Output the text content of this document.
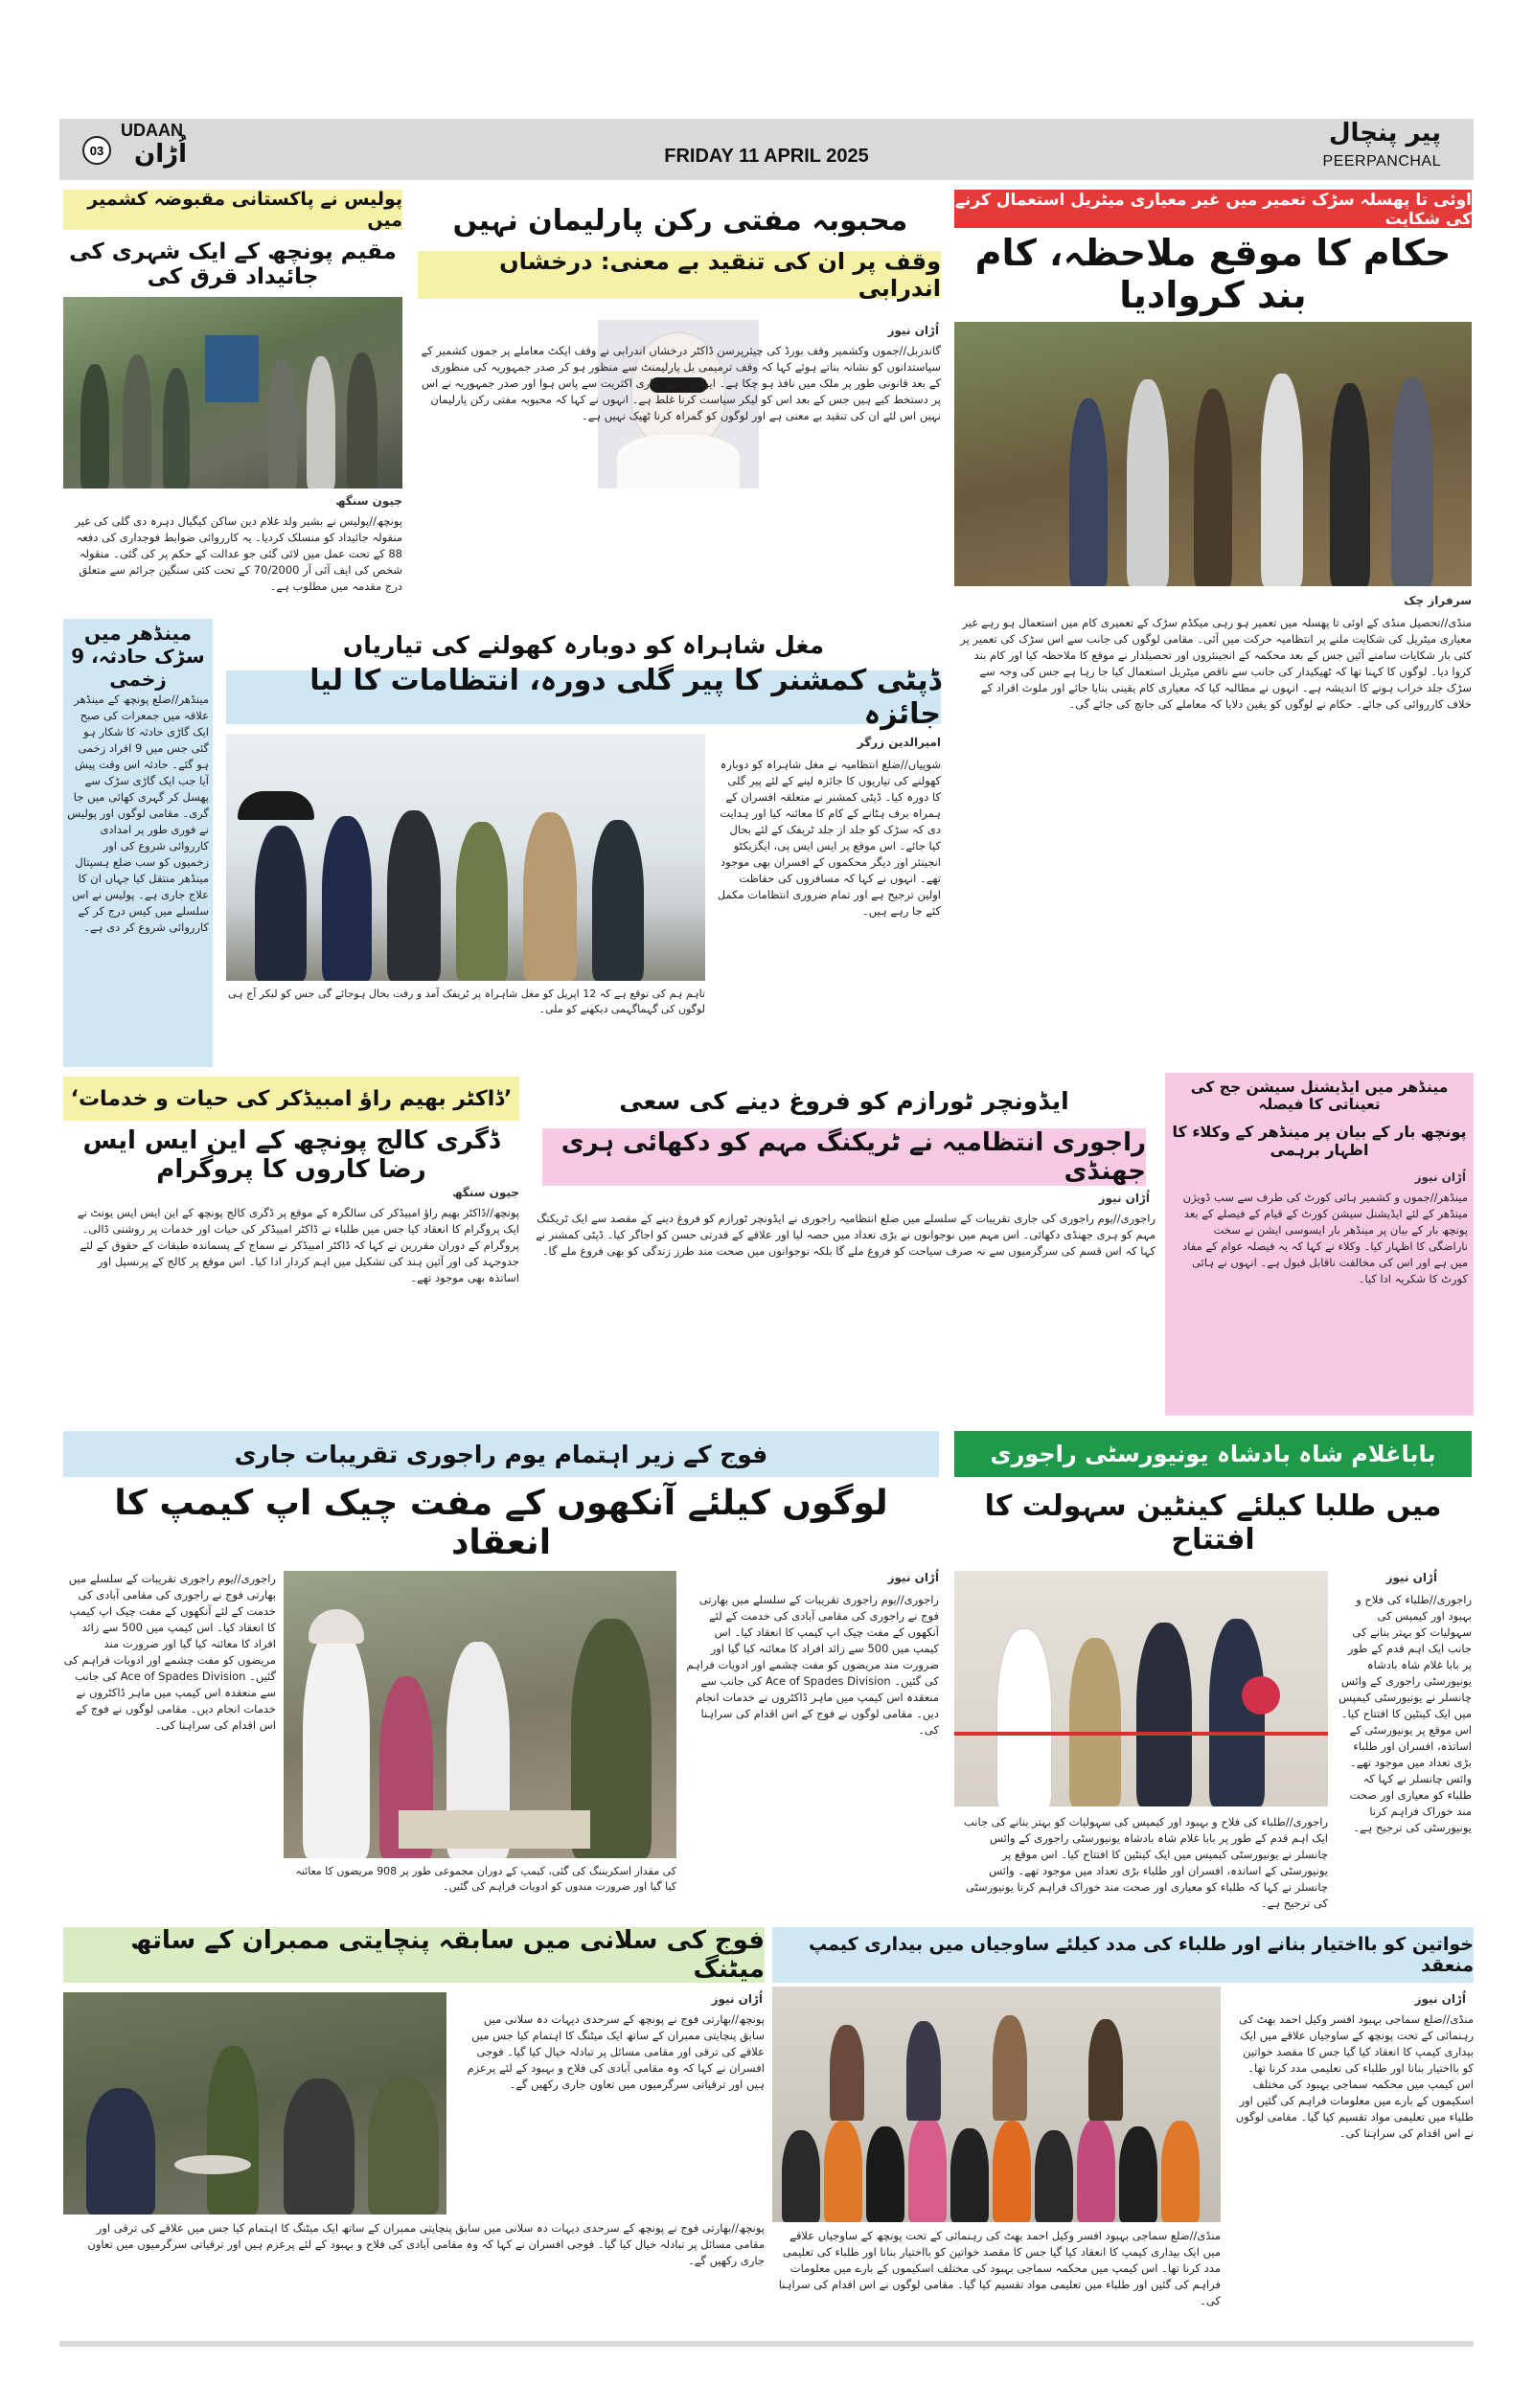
03
UDAAN
اُڑان	FRIDAY 11 APRIL 2025
پیر پنچال
PEERPANCHAL
پولیس نے پاکستانی مقبوضہ کشمیر میں
مقیم پونچھ کے ایک شہری کی جائیداد قرق کی
جیون سنگھ
پونچھ//پولیس نے بشیر ولد غلام دین ساکن کیگیال دہرہ دی گلی کی غیر منقولہ جائیداد کو منسلک کردیا۔ یہ کارروائی ضوابط فوجداری کی دفعہ 88 کے تحت عمل میں لائی گئی جو عدالت کے حکم پر کی گئی۔ منقولہ شخص کی ایف آئی آر 70/2000 کے تحت کئی سنگین جرائم سے متعلق درج مقدمہ میں مطلوب ہے۔
محبوبہ مفتی رکن پارلیمان نہیں
وقف پر ان کی تنقید بے معنی: درخشاں اندرابی
اُڑان نیوز
گاندربل//جموں وکشمیر وقف بورڈ کی چیئرپرسن ڈاکٹر درخشاں اندرابی نے وقف ایکٹ معاملے پر جموں کشمیر کے سیاستدانوں کو نشانہ بناتے ہوئے کہا کہ وقف ترمیمی بل پارلیمنٹ سے منظور ہو کر صدر جمہوریہ کی منظوری کے بعد قانونی طور پر ملک میں نافذ ہو چکا ہے۔ ایوانوں سے بھاری اکثریت سے پاس ہوا اور صدر جمہوریہ نے اس پر دستخط کیے ہیں جس کے بعد اس کو لیکر سیاست کرنا غلط ہے۔ انہوں نے کہا کہ محبوبہ مفتی رکن پارلیمان نہیں اس لئے ان کی تنقید بے معنی ہے اور لوگوں کو گمراہ کرنا ٹھیک نہیں ہے۔
اوئی تا پھسلہ سڑک تعمیر میں غیر معیاری میٹریل استعمال کرنے کی شکایت
حکام کا موقع ملاحظہ، کام بند کروادیا
سرفراز چک
منڈی//تحصیل منڈی کے اوئی تا پھسلہ میں تعمیر ہو رہی میکڈم سڑک کے تعمیری کام میں استعمال ہو رہے غیر معیاری میٹریل کی شکایت ملنے پر انتظامیہ حرکت میں آئی۔ مقامی لوگوں کی جانب سے اس سڑک کی تعمیر پر کئی بار شکایات سامنے آئیں جس کے بعد محکمہ کے انجینئروں اور تحصیلدار نے موقع کا ملاحظہ کیا اور کام بند کروا دیا۔ لوگوں کا کہنا تھا کہ ٹھیکیدار کی جانب سے ناقص میٹریل استعمال کیا جا رہا ہے جس کی وجہ سے سڑک جلد خراب ہونے کا اندیشہ ہے۔ انہوں نے مطالبہ کیا کہ معیاری کام یقینی بنایا جائے اور ملوث افراد کے خلاف کارروائی کی جائے۔ حکام نے لوگوں کو یقین دلایا کہ معاملے کی جانچ کی جائے گی۔
مینڈھر میں سڑک حادثہ، 9 زخمی
مینڈھر//ضلع پونچھ کے مینڈھر علاقہ میں جمعرات کی صبح ایک گاڑی حادثہ کا شکار ہو گئی جس میں 9 افراد زخمی ہو گئے۔ حادثہ اس وقت پیش آیا جب ایک گاڑی سڑک سے پھسل کر گہری کھائی میں جا گری۔ مقامی لوگوں اور پولیس نے فوری طور پر امدادی کارروائی شروع کی اور زخمیوں کو سب ضلع ہسپتال مینڈھر منتقل کیا جہاں ان کا علاج جاری ہے۔ پولیس نے اس سلسلے میں کیس درج کر کے کارروائی شروع کر دی ہے۔
مغل شاہراہ کو دوبارہ کھولنے کی تیاریاں
ڈپٹی کمشنر کا پیر گلی دورہ، انتظامات کا لیا جائزہ
تاہم ہم کی توقع ہے کہ 12 اپریل کو مغل شاہراہ پر ٹریفک آمد و رفت بحال ہوجائے گی جس کو لیکر آج ہی لوگوں کی گہماگہمی دیکھنے کو ملی۔
امیرالدین زرگر
شوپیاں//ضلع انتظامیہ نے مغل شاہراہ کو دوبارہ کھولنے کی تیاریوں کا جائزہ لینے کے لئے پیر گلی کا دورہ کیا۔ ڈپٹی کمشنر نے متعلقہ افسران کے ہمراہ برف ہٹانے کے کام کا معائنہ کیا اور ہدایت دی کہ سڑک کو جلد از جلد ٹریفک کے لئے بحال کیا جائے۔ اس موقع پر ایس ایس پی، ایگزیکٹو انجینئر اور دیگر محکموں کے افسران بھی موجود تھے۔ انہوں نے کہا کہ مسافروں کی حفاظت اولین ترجیح ہے اور تمام ضروری انتظامات مکمل کئے جا رہے ہیں۔
’ڈاکٹر بھیم راؤ امبیڈکر کی حیات و خدمات‘
ڈگری کالج پونچھ کے این ایس ایس رضا کاروں کا پروگرام
جیون سنگھ
پونچھ//ڈاکٹر بھیم راؤ امبیڈکر کی سالگرہ کے موقع پر ڈگری کالج پونچھ کے این ایس ایس یونٹ نے ایک پروگرام کا انعقاد کیا جس میں طلباء نے ڈاکٹر امبیڈکر کی حیات اور خدمات پر روشنی ڈالی۔ پروگرام کے دوران مقررین نے کہا کہ ڈاکٹر امبیڈکر نے سماج کے پسماندہ طبقات کے حقوق کے لئے جدوجہد کی اور آئین ہند کی تشکیل میں اہم کردار ادا کیا۔ اس موقع پر کالج کے پرنسپل اور اساتذہ بھی موجود تھے۔
ایڈونچر ٹورازم کو فروغ دینے کی سعی
راجوری انتظامیہ نے ٹریکنگ مہم کو دکھائی ہری جھنڈی
اُڑان نیوز
راجوری//یوم راجوری کی جاری تقریبات کے سلسلے میں ضلع انتظامیہ راجوری نے ایڈونچر ٹورازم کو فروغ دینے کے مقصد سے ایک ٹریکنگ مہم کو ہری جھنڈی دکھائی۔ اس مہم میں نوجوانوں نے بڑی تعداد میں حصہ لیا اور علاقے کے قدرتی حسن کو اجاگر کیا۔ ڈپٹی کمشنر نے کہا کہ اس قسم کی سرگرمیوں سے نہ صرف سیاحت کو فروغ ملے گا بلکہ نوجوانوں میں صحت مند طرز زندگی کو بھی فروغ ملے گا۔
مینڈھر میں ایڈیشنل سیشن جج کی تعیناتی کا فیصلہ
پونچھ بار کے بیان پر مینڈھر کے وکلاء کا اظہار برہمی
اُڑان نیوز
مینڈھر//جموں و کشمیر ہائی کورٹ کی طرف سے سب ڈویژن مینڈھر کے لئے ایڈیشنل سیشن کورٹ کے قیام کے فیصلے کے بعد پونچھ بار کے بیان پر مینڈھر بار ایسوسی ایشن نے سخت ناراضگی کا اظہار کیا۔ وکلاء نے کہا کہ یہ فیصلہ عوام کے مفاد میں ہے اور اس کی مخالفت ناقابل قبول ہے۔ انہوں نے ہائی کورٹ کا شکریہ ادا کیا۔
فوج کے زیر اہتمام یوم راجوری تقریبات جاری
لوگوں کیلئے آنکھوں کے مفت چیک اپ کیمپ کا انعقاد
کی مقدار اسکریننگ کی گئی، کیمپ کے دوران مجموعی طور پر 908 مریضوں کا معائنہ کیا گیا اور ضرورت مندوں کو ادویات فراہم کی گئیں۔
اُڑان نیوز
راجوری//یوم راجوری تقریبات کے سلسلے میں بھارتی فوج نے راجوری کی مقامی آبادی کی خدمت کے لئے آنکھوں کے مفت چیک اپ کیمپ کا انعقاد کیا۔ اس کیمپ میں 500 سے زائد افراد کا معائنہ کیا گیا اور ضرورت مند مریضوں کو مفت چشمے اور ادویات فراہم کی گئیں۔ Ace of Spades Division کی جانب سے منعقدہ اس کیمپ میں ماہر ڈاکٹروں نے خدمات انجام دیں۔ مقامی لوگوں نے فوج کے اس اقدام کی سراہنا کی۔
راجوری//یوم راجوری تقریبات کے سلسلے میں بھارتی فوج نے راجوری کی مقامی آبادی کی خدمت کے لئے آنکھوں کے مفت چیک اپ کیمپ کا انعقاد کیا۔ اس کیمپ میں 500 سے زائد افراد کا معائنہ کیا گیا اور ضرورت مند مریضوں کو مفت چشمے اور ادویات فراہم کی گئیں۔ Ace of Spades Division کی جانب سے منعقدہ اس کیمپ میں ماہر ڈاکٹروں نے خدمات انجام دیں۔ مقامی لوگوں نے فوج کے اس اقدام کی سراہنا کی۔
باباغلام شاہ بادشاہ یونیورسٹی راجوری
میں طلبا کیلئے کینٹین سہولت کا افتتاح
اُڑان نیوز
راجوری//طلباء کی فلاح و بہبود اور کیمپس کی سہولیات کو بہتر بنانے کی جانب ایک اہم قدم کے طور پر بابا غلام شاہ بادشاہ یونیورسٹی راجوری کے وائس چانسلر نے یونیورسٹی کیمپس میں ایک کینٹین کا افتتاح کیا۔ اس موقع پر یونیورسٹی کے اساتذہ، افسران اور طلباء بڑی تعداد میں موجود تھے۔ وائس چانسلر نے کہا کہ طلباء کو معیاری اور صحت مند خوراک فراہم کرنا یونیورسٹی کی ترجیح ہے۔
راجوری//طلباء کی فلاح و بہبود اور کیمپس کی سہولیات کو بہتر بنانے کی جانب ایک اہم قدم کے طور پر بابا غلام شاہ بادشاہ یونیورسٹی راجوری کے وائس چانسلر نے یونیورسٹی کیمپس میں ایک کینٹین کا افتتاح کیا۔ اس موقع پر یونیورسٹی کے اساتذہ، افسران اور طلباء بڑی تعداد میں موجود تھے۔ وائس چانسلر نے کہا کہ طلباء کو معیاری اور صحت مند خوراک فراہم کرنا یونیورسٹی کی ترجیح ہے۔
فوج کی سلانی میں سابقہ پنچایتی ممبران کے ساتھ میٹنگ
اُڑان نیوز
پونچھ//بھارتی فوج نے پونچھ کے سرحدی دیہات دہ سلانی میں سابق پنچایتی ممبران کے ساتھ ایک میٹنگ کا اہتمام کیا جس میں علاقے کی ترقی اور مقامی مسائل پر تبادلہ خیال کیا گیا۔ فوجی افسران نے کہا کہ وہ مقامی آبادی کی فلاح و بہبود کے لئے پرعزم ہیں اور ترقیاتی سرگرمیوں میں تعاون جاری رکھیں گے۔
پونچھ//بھارتی فوج نے پونچھ کے سرحدی دیہات دہ سلانی میں سابق پنچایتی ممبران کے ساتھ ایک میٹنگ کا اہتمام کیا جس میں علاقے کی ترقی اور مقامی مسائل پر تبادلہ خیال کیا گیا۔ فوجی افسران نے کہا کہ وہ مقامی آبادی کی فلاح و بہبود کے لئے پرعزم ہیں اور ترقیاتی سرگرمیوں میں تعاون جاری رکھیں گے۔
خواتین کو بااختیار بنانے اور طلباء کی مدد کیلئے ساوجیاں میں بیداری کیمپ منعقد
اُڑان نیوز
منڈی//ضلع سماجی بہبود افسر وکیل احمد بھٹ کی رہنمائی کے تحت پونچھ کے ساوجیاں علاقے میں ایک بیداری کیمپ کا انعقاد کیا گیا جس کا مقصد خواتین کو بااختیار بنانا اور طلباء کی تعلیمی مدد کرنا تھا۔ اس کیمپ میں محکمہ سماجی بہبود کی مختلف اسکیموں کے بارے میں معلومات فراہم کی گئیں اور طلباء میں تعلیمی مواد تقسیم کیا گیا۔ مقامی لوگوں نے اس اقدام کی سراہنا کی۔
منڈی//ضلع سماجی بہبود افسر وکیل احمد بھٹ کی رہنمائی کے تحت پونچھ کے ساوجیاں علاقے میں ایک بیداری کیمپ کا انعقاد کیا گیا جس کا مقصد خواتین کو بااختیار بنانا اور طلباء کی تعلیمی مدد کرنا تھا۔ اس کیمپ میں محکمہ سماجی بہبود کی مختلف اسکیموں کے بارے میں معلومات فراہم کی گئیں اور طلباء میں تعلیمی مواد تقسیم کیا گیا۔ مقامی لوگوں نے اس اقدام کی سراہنا کی۔
